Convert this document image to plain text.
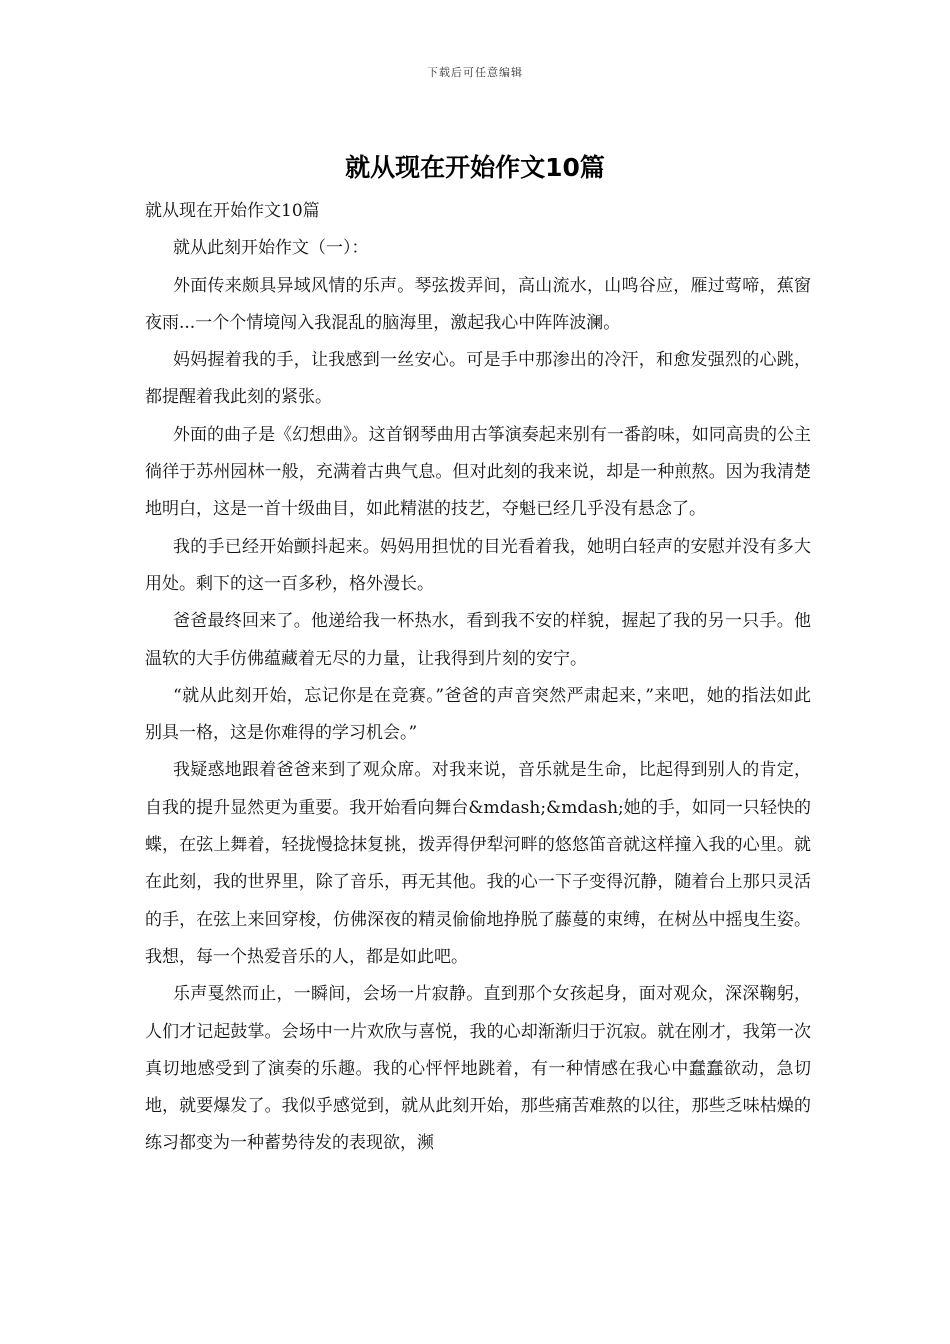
下载后可任意编辑
就从现在开始作文10篇

就从现在开始作文10篇

就从此刻开始作文（一）：

外面传来颇具异域风情的乐声。琴弦拨弄间，高山流水，山鸣谷应，雁过莺啼，蕉窗夜雨...一个个情境闯入我混乱的脑海里，激起我心中阵阵波澜。

妈妈握着我的手，让我感到一丝安心。可是手中那渗出的冷汗，和愈发强烈的心跳，都提醒着我此刻的紧张。

外面的曲子是《幻想曲》。这首钢琴曲用古筝演奏起来别有一番韵味，如同高贵的公主徜徉于苏州园林一般，充满着古典气息。但对此刻的我来说，却是一种煎熬。因为我清楚地明白，这是一首十级曲目，如此精湛的技艺，夺魁已经几乎没有悬念了。

我的手已经开始颤抖起来。妈妈用担忧的目光看着我，她明白轻声的安慰并没有多大用处。剩下的这一百多秒，格外漫长。

爸爸最终回来了。他递给我一杯热水，看到我不安的样貌，握起了我的另一只手。他温软的大手仿佛蕴藏着无尽的力量，让我得到片刻的安宁。

“就从此刻开始，忘记你是在竞赛。”爸爸的声音突然严肃起来，”来吧，她的指法如此别具一格，这是你难得的学习机会。”

我疑惑地跟着爸爸来到了观众席。对我来说，音乐就是生命，比起得到别人的肯定，自我的提升显然更为重要。我开始看向舞台&mdash;&mdash;她的手，如同一只轻快的蝶，在弦上舞着，轻拢慢捻抹复挑，拨弄得伊犁河畔的悠悠笛音就这样撞入我的心里。就在此刻，我的世界里，除了音乐，再无其他。我的心一下子变得沉静，随着台上那只灵活的手，在弦上来回穿梭，仿佛深夜的精灵偷偷地挣脱了藤蔓的束缚，在树丛中摇曳生姿。我想，每一个热爱音乐的人，都是如此吧。

乐声戛然而止，一瞬间，会场一片寂静。直到那个女孩起身，面对观众，深深鞠躬，人们才记起鼓掌。会场中一片欢欣与喜悦，我的心却渐渐归于沉寂。就在刚才，我第一次真切地感受到了演奏的乐趣。我的心怦怦地跳着，有一种情感在我心中蠢蠢欲动，急切地，就要爆发了。我似乎感觉到，就从此刻开始，那些痛苦难熬的以往，那些乏味枯燥的练习都变为一种蓄势待发的表现欲，濒
